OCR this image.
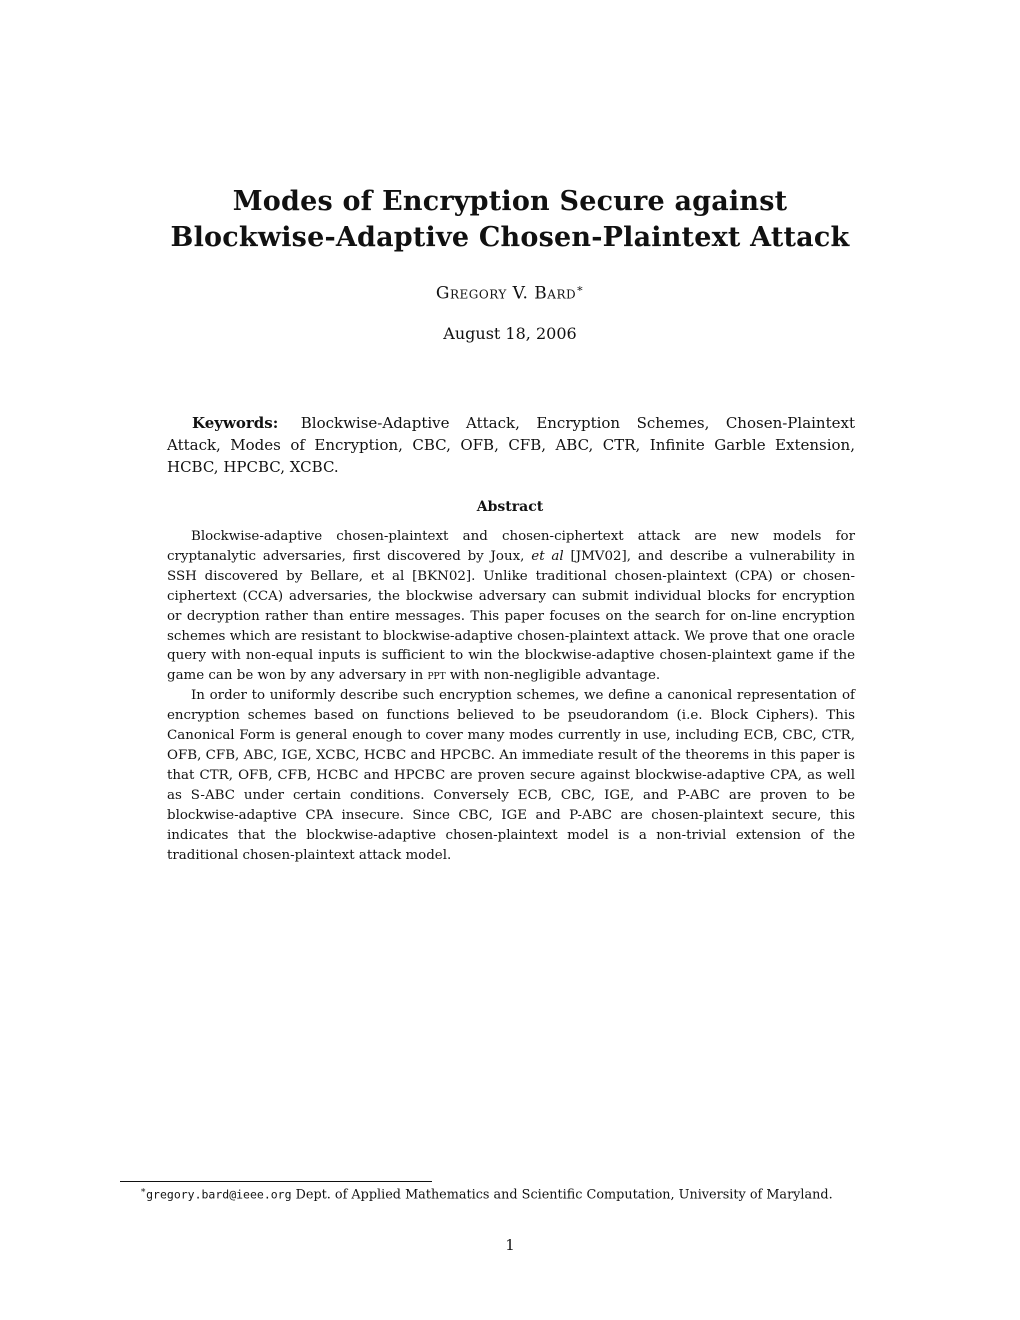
Modes of Encryption Secure against
Blockwise-Adaptive Chosen-Plaintext Attack
Gregory V. Bard∗
August 18, 2006
Keywords: Blockwise-Adaptive Attack, Encryption Schemes, Chosen-Plaintext Attack, Modes of Encryption, CBC, OFB, CFB, ABC, CTR, Infinite Garble Extension, HCBC, HPCBC, XCBC.
Abstract

Blockwise-adaptive chosen-plaintext and chosen-ciphertext attack are new models for cryptanalytic adversaries, first discovered by Joux, et al [JMV02], and describe a vulnerability in SSH discovered by Bellare, et al [BKN02]. Unlike traditional chosen-plaintext (CPA) or chosen-ciphertext (CCA) adversaries, the blockwise adversary can submit individual blocks for encryption or decryption rather than entire messages. This paper focuses on the search for on-line encryption schemes which are resistant to blockwise-adaptive chosen-plaintext attack. We prove that one oracle query with non-equal inputs is sufficient to win the blockwise-adaptive chosen-plaintext game if the game can be won by any adversary in ppt with non-negligible advantage.

In order to uniformly describe such encryption schemes, we define a canonical representation of encryption schemes based on functions believed to be pseudorandom (i.e. Block Ciphers). This Canonical Form is general enough to cover many modes currently in use, including ECB, CBC, CTR, OFB, CFB, ABC, IGE, XCBC, HCBC and HPCBC. An immediate result of the theorems in this paper is that CTR, OFB, CFB, HCBC and HPCBC are proven secure against blockwise-adaptive CPA, as well as S-ABC under certain conditions. Conversely ECB, CBC, IGE, and P-ABC are proven to be blockwise-adaptive CPA insecure. Since CBC, IGE and P-ABC are chosen-plaintext secure, this indicates that the blockwise-adaptive chosen-plaintext model is a non-trivial extension of the traditional chosen-plaintext attack model.

∗gregory.bard@ieee.org Dept. of Applied Mathematics and Scientific Computation, University of Maryland.
1
